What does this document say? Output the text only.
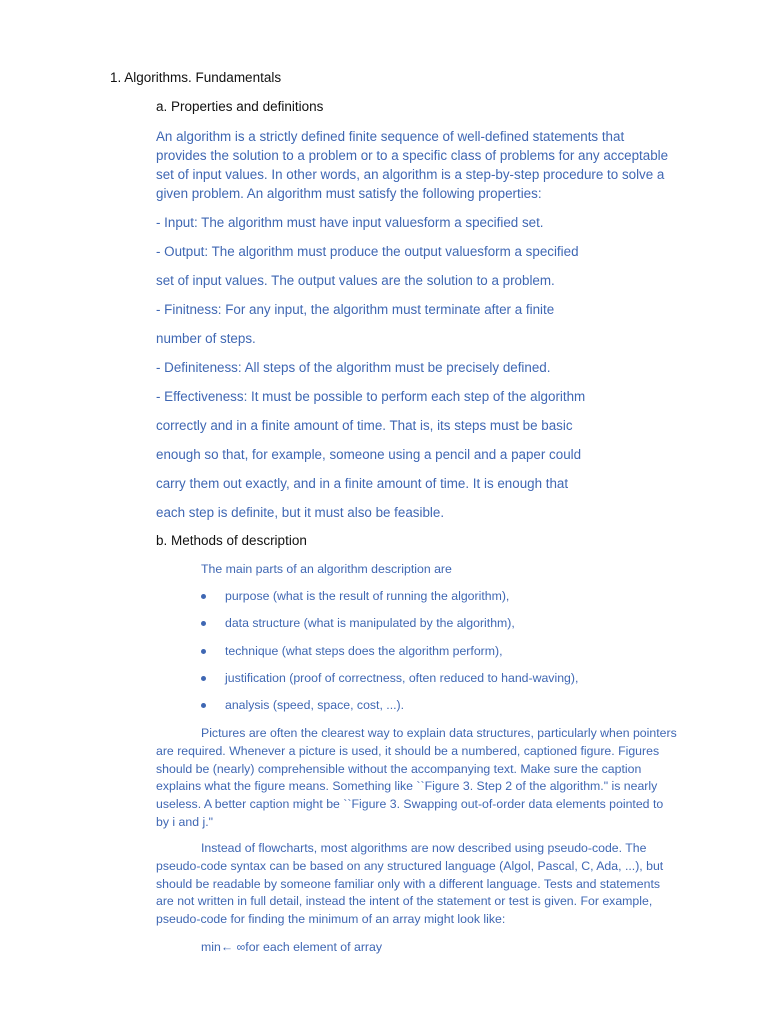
1. Algorithms. Fundamentals
a. Properties and definitions
An algorithm is a strictly defined finite sequence of well-defined statements that
provides the solution to a problem or to a specific class of problems for any acceptable
set of input values. In other words, an algorithm is a step-by-step procedure to solve a
given problem. An algorithm must satisfy the following properties:
- Input: The algorithm must have input valuesform a specified set.
- Output: The algorithm must produce the output valuesform a specified
set of input values. The output values are the solution to a problem.
- Finitness: For any input, the algorithm must terminate after a finite
number of steps.
- Definiteness: All steps of the algorithm must be precisely defined.
- Effectiveness: It must be possible to perform each step of the algorithm
correctly and in a finite amount of time. That is, its steps must be basic
enough so that, for example, someone using a pencil and a paper could
carry them out exactly, and in a finite amount of time. It is enough that
each step is definite, but it must also be feasible.
b. Methods of description
The main parts of an algorithm description are
purpose (what is the result of running the algorithm),
data structure (what is manipulated by the algorithm),
technique (what steps does the algorithm perform),
justification (proof of correctness, often reduced to hand-waving),
analysis (speed, space, cost, ...).
Pictures are often the clearest way to explain data structures, particularly when pointers
are required. Whenever a picture is used, it should be a numbered, captioned figure. Figures
should be (nearly) comprehensible without the accompanying text. Make sure the caption
explains what the figure means. Something like ``Figure 3. Step 2 of the algorithm." is nearly
useless. A better caption might be ``Figure 3. Swapping out-of-order data elements pointed to
by i and j."
Instead of flowcharts, most algorithms are now described using pseudo-code. The
pseudo-code syntax can be based on any structured language (Algol, Pascal, C, Ada, ...), but
should be readable by someone familiar only with a different language. Tests and statements
are not written in full detail, instead the intent of the statement or test is given. For example,
pseudo-code for finding the minimum of an array might look like:
min← ∞for each element of array
